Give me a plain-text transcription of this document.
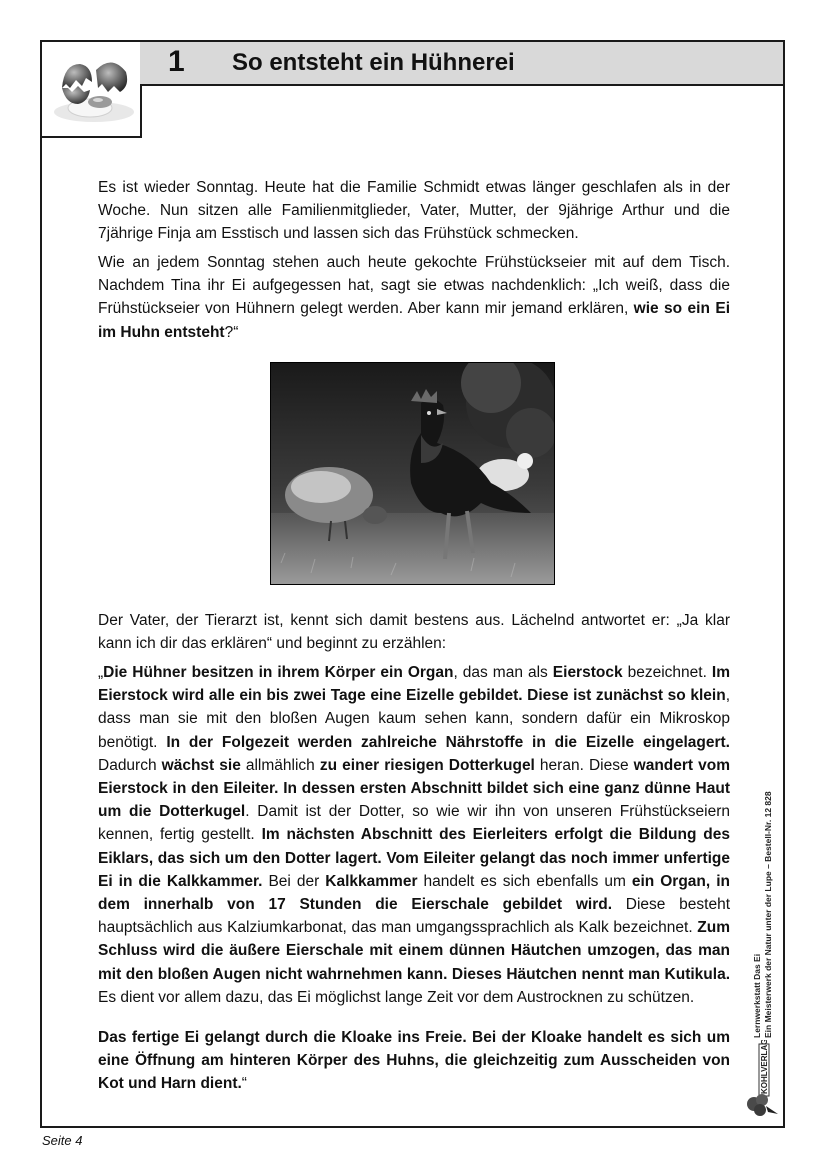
1 So entsteht ein Hühnerei
Es ist wieder Sonntag. Heute hat die Familie Schmidt etwas länger geschlafen als in der Woche. Nun sitzen alle Familienmitglieder, Vater, Mutter, der 9jährige Arthur und die 7jährige Finja am Esstisch und lassen sich das Frühstück schmecken.
Wie an jedem Sonntag stehen auch heute gekochte Frühstückseier mit auf dem Tisch. Nachdem Tina ihr Ei aufgegessen hat, sagt sie etwas nachdenklich: „Ich weiß, dass die Frühstückseier von Hühnern gelegt werden. Aber kann mir jemand erklären, wie so ein Ei im Huhn entsteht?“
Der Vater, der Tierarzt ist, kennt sich damit bestens aus. Lächelnd antwortet er: „Ja klar kann ich dir das erklären“ und beginnt zu erzählen:
„Die Hühner besitzen in ihrem Körper ein Organ, das man als Eierstock bezeichnet. Im Eierstock wird alle ein bis zwei Tage eine Eizelle gebildet. Diese ist zunächst so klein, dass man sie mit den bloßen Augen kaum sehen kann, sondern dafür ein Mikroskop benötigt. In der Folgezeit werden zahlreiche Nährstoffe in die Eizelle eingelagert. Dadurch wächst sie allmählich zu einer riesigen Dotterkugel heran. Diese wandert vom Eierstock in den Eileiter. In dessen ersten Abschnitt bildet sich eine ganz dünne Haut um die Dotterkugel. Damit ist der Dotter, so wie wir ihn von unseren Frühstückseiern kennen, fertig gestellt. Im nächsten Abschnitt des Eierleiters erfolgt die Bildung des Eiklars, das sich um den Dotter lagert. Vom Eileiter gelangt das noch immer unfertige Ei in die Kalkkammer. Bei der Kalkkammer handelt es sich ebenfalls um ein Organ, in dem innerhalb von 17 Stunden die Eierschale gebildet wird. Diese besteht hauptsächlich aus Kalziumkarbonat, das man umgangssprachlich als Kalk bezeichnet. Zum Schluss wird die äußere Eierschale mit einem dünnen Häutchen umzogen, das man mit den bloßen Augen nicht wahrnehmen kann. Dieses Häutchen nennt man Kutikula. Es dient vor allem dazu, das Ei möglichst lange Zeit vor dem Austrocknen zu schützen.
Das fertige Ei gelangt durch die Kloake ins Freie. Bei der Kloake handelt es sich um eine Öffnung am hinteren Körper des Huhns, die gleichzeitig zum Ausscheiden von Kot und Harn dient.“
Lernwerkstatt Das Ei Ein Meisterwerk der Natur unter der Lupe – Bestell-Nr. 12 828
KOHLVERLAG
Seite 4
